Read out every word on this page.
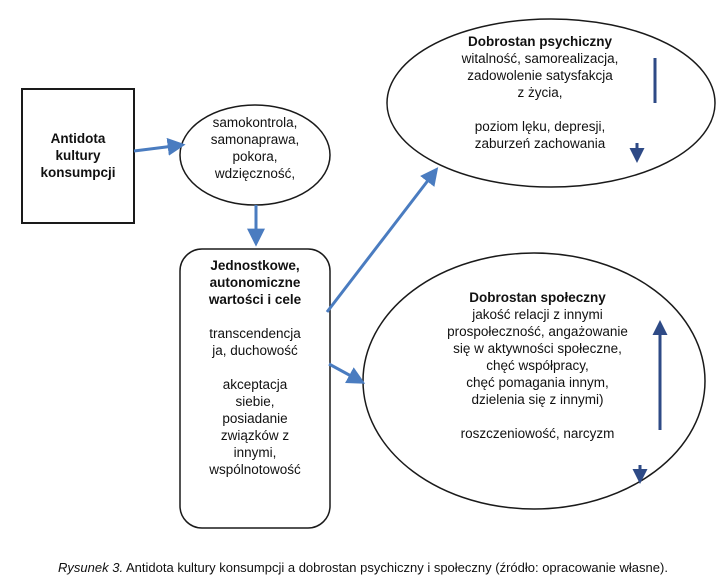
Antidota
kultury
konsumpcji
samokontrola,
samonaprawa,
pokora,
wdzięczność,
Jednostkowe,
autonomiczne
wartości i cele
transcendencja
ja, duchowość
akceptacja
siebie,
posiadanie
związków z
innymi,
wspólnotowość
Dobrostan psychiczny
witalność, samorealizacja,
zadowolenie satysfakcja
z życia,
poziom lęku, depresji,
zaburzeń zachowania
Dobrostan społeczny
jakość relacji z innymi
prospołeczność, angażowanie
się w aktywności społeczne,
chęć współpracy,
chęć pomagania innym,
dzielenia się z innymi)
roszczeniowość, narcyzm
Rysunek 3. Antidota kultury konsumpcji a dobrostan psychiczny i społeczny (źródło: opracowanie własne).
